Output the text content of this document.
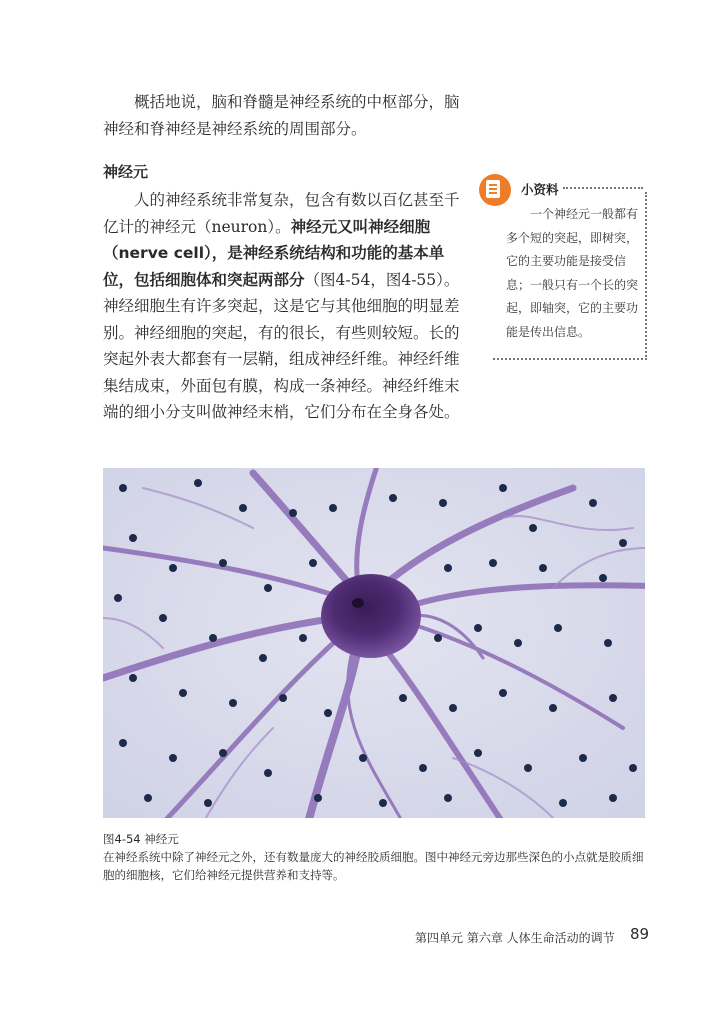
概括地说，脑和脊髓是神经系统的中枢部分，脑神经和脊神经是神经系统的周围部分。
神经元
人的神经系统非常复杂，包含有数以百亿甚至千亿计的神经元（neuron）。神经元又叫神经细胞（nerve cell），是神经系统结构和功能的基本单位，包括细胞体和突起两部分（图4-54，图4-55）。神经细胞生有许多突起，这是它与其他细胞的明显差别。神经细胞的突起，有的很长，有些则较短。长的突起外表大都套有一层鞘，组成神经纤维。神经纤维集结成束，外面包有膜，构成一条神经。神经纤维末端的细小分支叫做神经末梢，它们分布在全身各处。
小资料
一个神经元一般都有多个短的突起，即树突，它的主要功能是接受信息；一般只有一个长的突起，即轴突，它的主要功能是传出信息。
图4-54 神经元
在神经系统中除了神经元之外，还有数量庞大的神经胶质细胞。图中神经元旁边那些深色的小点就是胶质细胞的细胞核，它们给神经元提供营养和支持等。
第四单元 第六章 人体生命活动的调节 89
